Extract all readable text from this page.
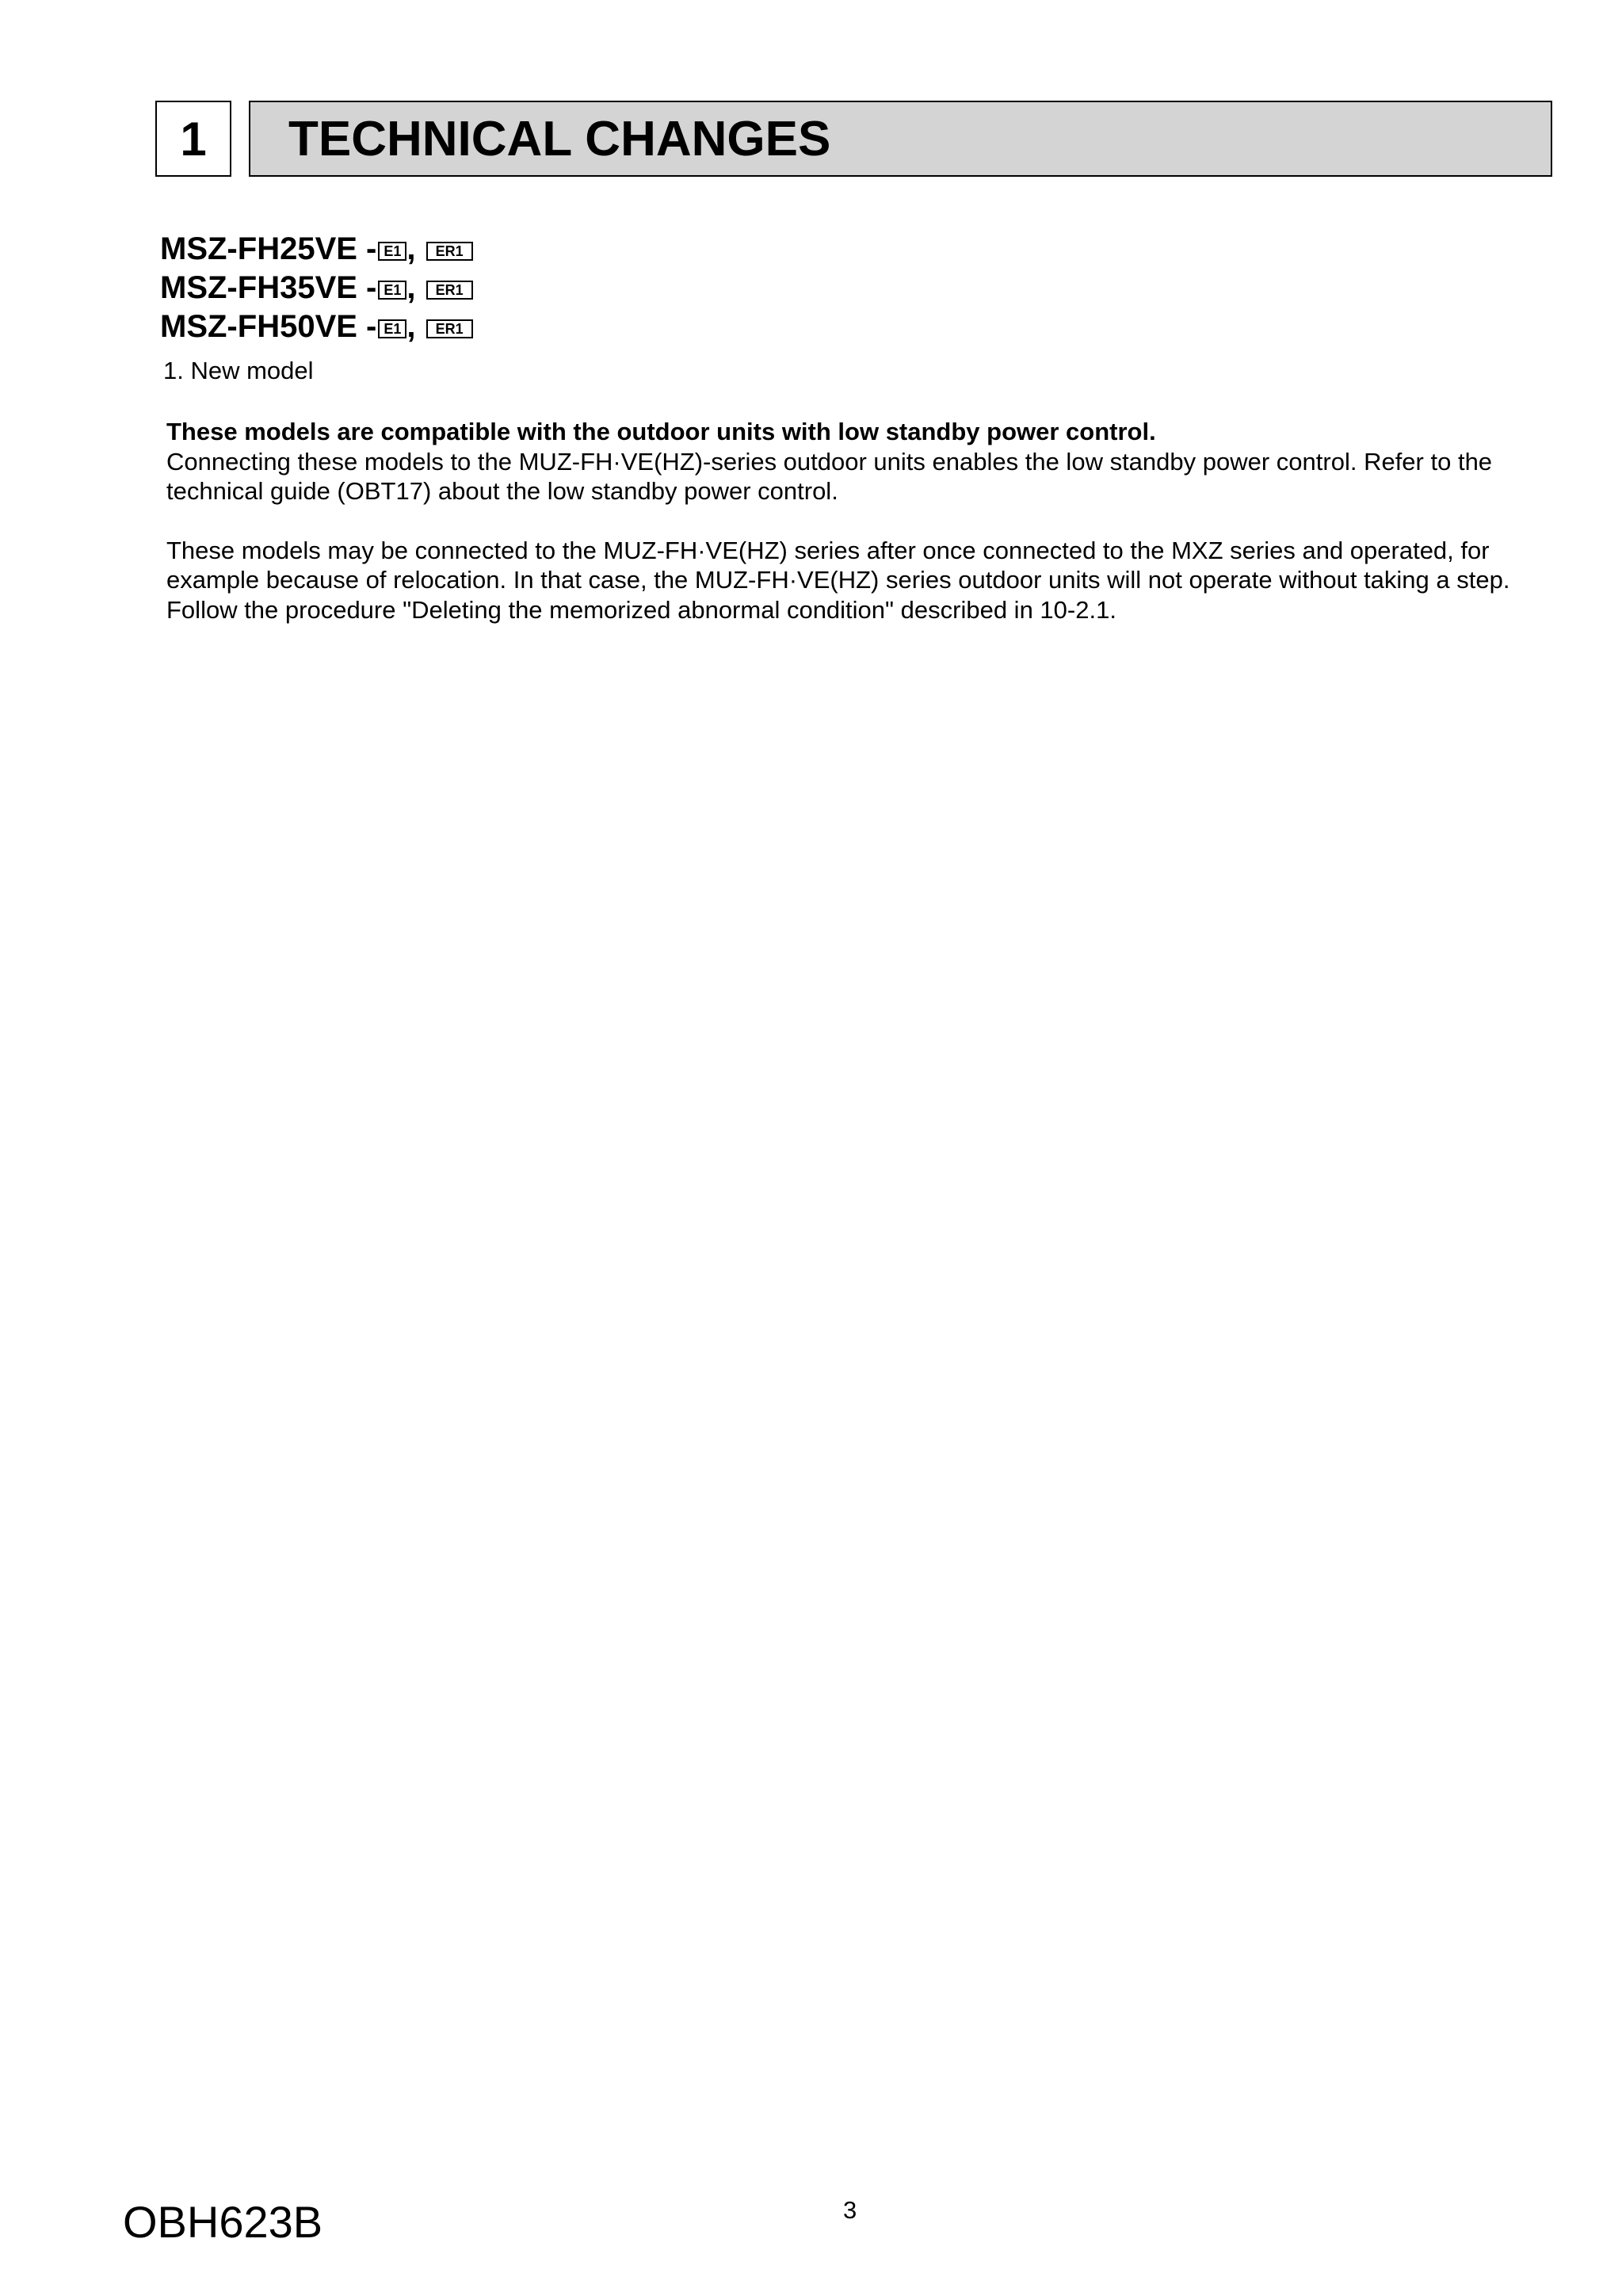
1	TECHNICAL CHANGES
MSZ-FH25VE - E1 , ER1
MSZ-FH35VE - E1 , ER1
MSZ-FH50VE - E1 , ER1
1. New model

These models are compatible with the outdoor units with low standby power control.

Connecting these models to the MUZ-FH·VE(HZ)-series outdoor units enables the low standby power control. Refer to the

technical guide (OBT17) about the low standby power control.

These models may be connected to the MUZ-FH·VE(HZ) series after once connected to the MXZ series and operated, for

example because of relocation. In that case, the MUZ-FH·VE(HZ) series outdoor units will not operate without taking a step.

Follow the procedure "Deleting the memorized abnormal condition" described in 10-2.1.

OBH623B	3
